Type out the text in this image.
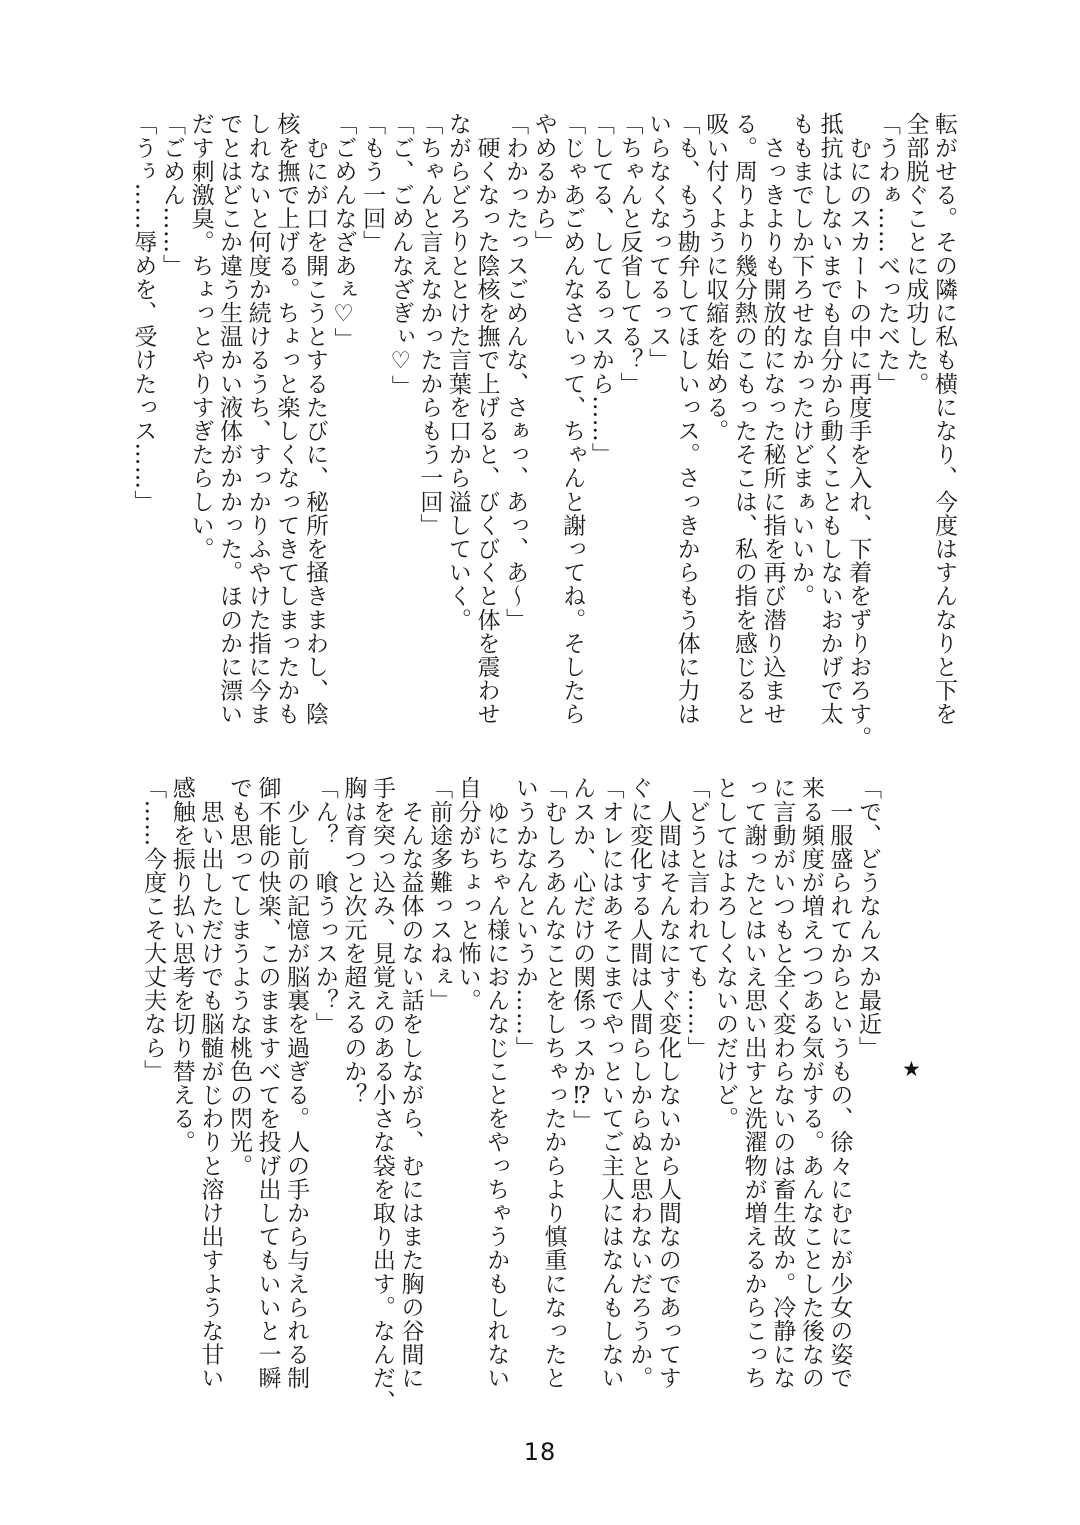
転がせる。その隣に私も横になり、今度はすんなりと下を
全部脱ぐことに成功した。
「うわぁ……べったべた」
　むにのスカートの中に再度手を入れ、下着をずりおろす。
抵抗はしないまでも自分から動くこともしないおかげで太
ももまでしか下ろせなかったけどまぁいいか。
　さっきよりも開放的になった秘所に指を再び潜り込ませ
る。周りより幾分熱のこもったそこは、私の指を感じると
吸い付くように収縮を始める。
「も、もう勘弁してほしいっス。さっきからもう体に力は
いらなくなってるっス」
「ちゃんと反省してる？」
「してる、してるっスから……」
「じゃあごめんなさいって、ちゃんと謝ってね。そしたら
やめるから」
「わかったっスごめんな、さぁっ、あっ、あ～」
　硬くなった陰核を撫で上げると、びくびくと体を震わせ
ながらどろりととけた言葉を口から溢していく。
「ちゃんと言えなかったからもう一回」
「ご、ごめんなざぎぃ♡」
「もう一回」
「ごめんなざあぇ♡」
　むにが口を開こうとするたびに、秘所を掻きまわし、陰
核を撫で上げる。ちょっと楽しくなってきてしまったかも
しれないと何度か続けるうち、すっかりふやけた指に今ま
でとはどこか違う生温かい液体がかかった。ほのかに漂い
だす刺激臭。ちょっとやりすぎたらしい。
「ごめん……」
「うぅ……辱めを、受けたっス……」
★
「で、どうなんスか最近」
　一服盛られてからというもの、徐々にむにが少女の姿で
来る頻度が増えつつある気がする。あんなことした後なの
に言動がいつもと全く変わらないのは畜生故か。冷静にな
って謝ったとはいえ思い出すと洗濯物が増えるからこっち
としてはよろしくないのだけど。
「どうと言われても……」
　人間はそんなにすぐ変化しないから人間なのであってす
ぐに変化する人間は人間らしからぬと思わないだろうか。
「オレにはあそこまでやっといてご主人にはなんもしない
んスか、心だけの関係っスか⁉」
「むしろあんなことをしちゃったからより慎重になったと
いうかなんというか……」
　ゆにちゃん様におんなじことをやっちゃうかもしれない
自分がちょっと怖い。
「前途多難っスねぇ」
　そんな益体のない話をしながら、むにはまた胸の谷間に
手を突っ込み、見覚えのある小さな袋を取り出す。なんだ、
胸は育つと次元を超えるのか？
「ん？　喰うっスか？」
　少し前の記憶が脳裏を過ぎる。人の手から与えられる制
御不能の快楽、このまますべてを投げ出してもいいと一瞬
でも思ってしまうような桃色の閃光。
　思い出しただけでも脳髄がじわりと溶け出すような甘い
感触を振り払い思考を切り替える。
「……今度こそ大丈夫なら」
18
